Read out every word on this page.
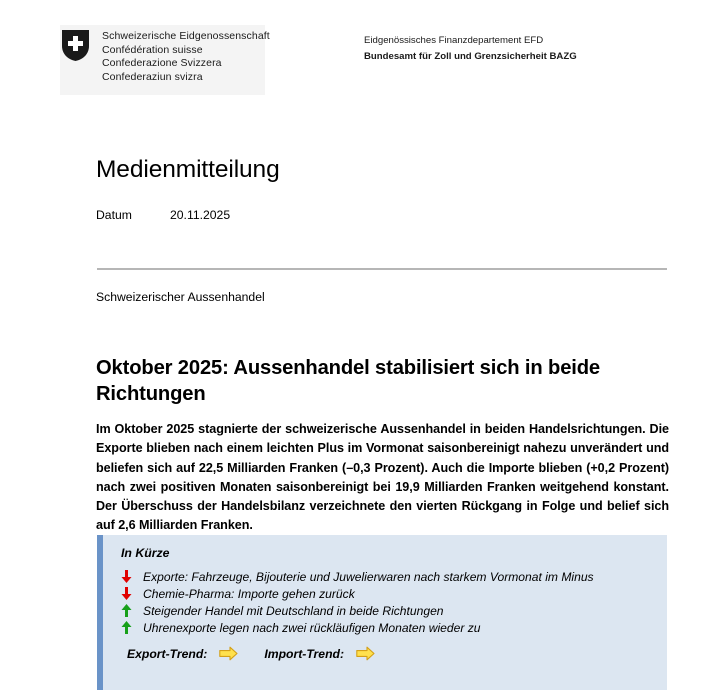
Schweizerische Eidgenossenschaft
Confédération suisse
Confederazione Svizzera
Confederaziun svizra
Eidgenössisches Finanzdepartement EFD
Bundesamt für Zoll und Grenzsicherheit BAZG
Medienmitteilung
Datum	20.11.2025
Schweizerischer Aussenhandel
Oktober 2025: Aussenhandel stabilisiert sich in beide Richtungen
Im Oktober 2025 stagnierte der schweizerische Aussenhandel in beiden Handelsrichtungen. Die Exporte blieben nach einem leichten Plus im Vormonat saisonbereinigt nahezu unverändert und beliefen sich auf 22,5 Milliarden Franken (–0,3 Prozent). Auch die Importe blieben (+0,2 Prozent) nach zwei positiven Monaten saisonbereinigt bei 19,9 Milliarden Franken weitgehend konstant. Der Überschuss der Handelsbilanz verzeichnete den vierten Rückgang in Folge und belief sich auf 2,6 Milliarden Franken.
In Kürze
Exporte: Fahrzeuge, Bijouterie und Juwelierwaren nach starkem Vormonat im Minus
Chemie-Pharma: Importe gehen zurück
Steigender Handel mit Deutschland in beide Richtungen
Uhrenexporte legen nach zwei rückläufigen Monaten wieder zu
Export-Trend:	Import-Trend:
